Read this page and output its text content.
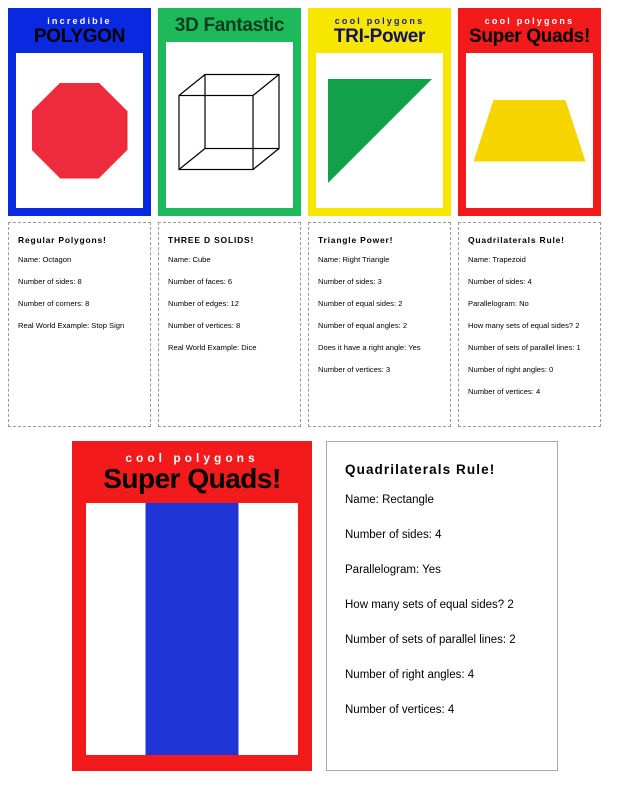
incredible
POLYGON
3D Fantastic	cool polygons
TRI-Power
cool polygons
Super Quads!
Regular Polygons!
Name: Octagon
Number of sides: 8
Number of corners: 8
Real World Example: Stop Sign
THREE D SOLIDS!
Name: Cube
Number of faces: 6
Number of edges: 12
Number of vertices: 8
Real World Example: Dice
Triangle Power!
Name: Right Triangle
Number of sides: 3
Number of equal sides: 2
Number of equal angles: 2
Does it have a right angle: Yes
Number of vertices: 3
Quadrilaterals Rule!
Name: Trapezoid
Number of sides: 4
Parallelogram: No
How many sets of equal sides? 2
Number of sets of parallel lines: 1
Number of right angles: 0
Number of vertices: 4
cool polygons
Super Quads!	Quadrilaterals Rule!
Name: Rectangle
Number of sides: 4
Parallelogram: Yes
How many sets of equal sides? 2
Number of sets of parallel lines: 2
Number of right angles: 4
Number of vertices: 4
